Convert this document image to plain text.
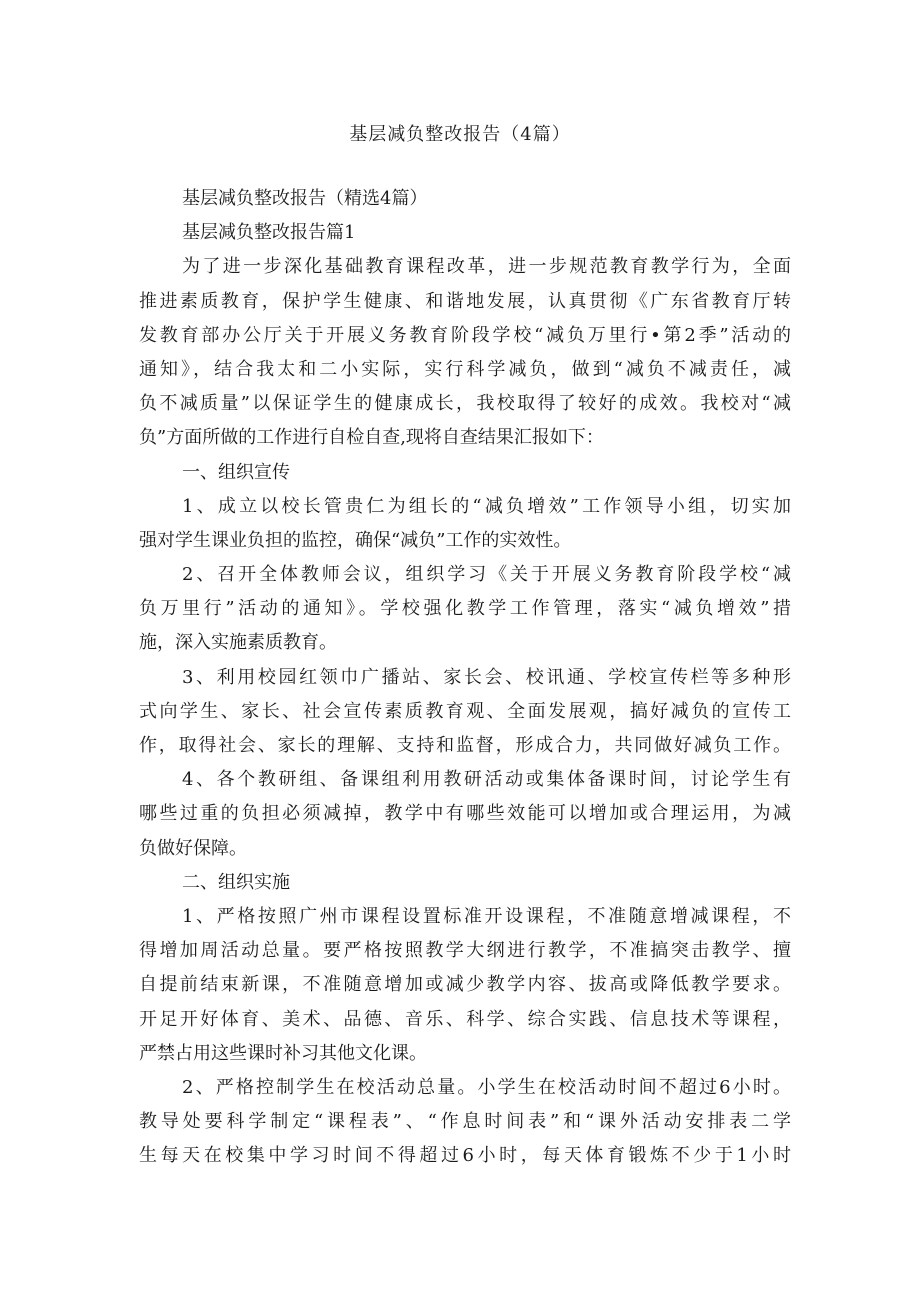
基层减负整改报告（4篇）
基层减负整改报告（精选4篇）
基层减负整改报告篇1
为了进一步深化基础教育课程改革，进一步规范教育教学行为，全面
推进素质教育，保护学生健康、和谐地发展，认真贯彻《广东省教育厅转
发教育部办公厅关于开展义务教育阶段学校“减负万里行•第2季”活动的
通知》，结合我太和二小实际，实行科学减负，做到“减负不减责任，减
负不减质量”以保证学生的健康成长，我校取得了较好的成效。我校对“减
负”方面所做的工作进行自检自查,现将自查结果汇报如下：
一、组织宣传
1、成立以校长管贵仁为组长的“减负增效”工作领导小组，切实加
强对学生课业负担的监控，确保“减负”工作的实效性。
2、召开全体教师会议，组织学习《关于开展义务教育阶段学校“减
负万里行”活动的通知》。学校强化教学工作管理，落实“减负增效”措
施，深入实施素质教育。
3、利用校园红领巾广播站、家长会、校讯通、学校宣传栏等多种形
式向学生、家长、社会宣传素质教育观、全面发展观，搞好减负的宣传工
作，取得社会、家长的理解、支持和监督，形成合力，共同做好减负工作。
4、各个教研组、备课组利用教研活动或集体备课时间，讨论学生有
哪些过重的负担必须减掉，教学中有哪些效能可以增加或合理运用，为减
负做好保障。
二、组织实施
1、严格按照广州市课程设置标准开设课程，不准随意增减课程，不
得增加周活动总量。要严格按照教学大纲进行教学，不准搞突击教学、擅
自提前结束新课，不准随意增加或减少教学内容、拔高或降低教学要求。
开足开好体育、美术、品德、音乐、科学、综合实践、信息技术等课程，
严禁占用这些课时补习其他文化课。
2、严格控制学生在校活动总量。小学生在校活动时间不超过6小时。
教导处要科学制定“课程表”、“作息时间表”和“课外活动安排表二学
生每天在校集中学习时间不得超过6小时，每天体育锻炼不少于1小时
